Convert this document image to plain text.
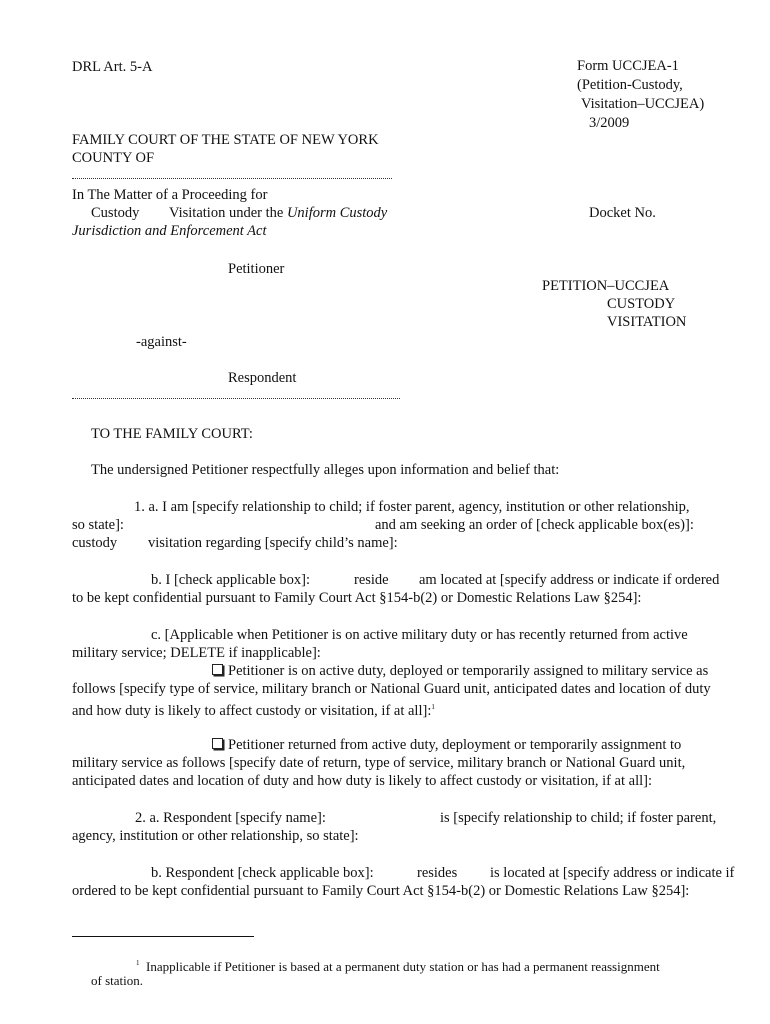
DRL Art. 5-A	Form UCCJEA-1
(Petition-Custody,
Visitation–UCCJEA)
3/2009
FAMILY COURT OF THE STATE OF NEW YORK
COUNTY OF
In The Matter of a Proceeding for
Custody Visitation under the Uniform Custody
Jurisdiction and Enforcement Act
Docket No.
Petitioner
PETITION–UCCJEA
CUSTODY
VISITATION
-against-
Respondent
TO THE FAMILY COURT:
The undersigned Petitioner respectfully alleges upon information and belief that:
1. a. I am [specify relationship to child; if foster parent, agency, institution or other relationship,
so state]:	and am seeking an order of [check applicable box(es)]:
custody visitation regarding [specify child’s name]:
b. I [check applicable box]:	reside am located at [specify address or indicate if ordered
to be kept confidential pursuant to Family Court Act §154-b(2) or Domestic Relations Law §254]:
c. [Applicable when Petitioner is on active military duty or has recently returned from active
military service; DELETE if inapplicable]:
Petitioner is on active duty, deployed or temporarily assigned to military service as
follows [specify type of service, military branch or National Guard unit, anticipated dates and location of duty
and how duty is likely to affect custody or visitation, if at all]:$^1$
Petitioner returned from active duty, deployment or temporarily assignment to
military service as follows [specify date of return, type of service, military branch or National Guard unit,
anticipated dates and location of duty and how duty is likely to affect custody or visitation, if at all]:
2. a. Respondent [specify name]:	is [specify relationship to child; if foster parent,
agency, institution or other relationship, so state]:
b. Respondent [check applicable box]:	resides is located at [specify address or indicate if
ordered to be kept confidential pursuant to Family Court Act §154-b(2) or Domestic Relations Law §254]:
$^1$ Inapplicable if Petitioner is based at a permanent duty station or has had a permanent reassignment
of station.
